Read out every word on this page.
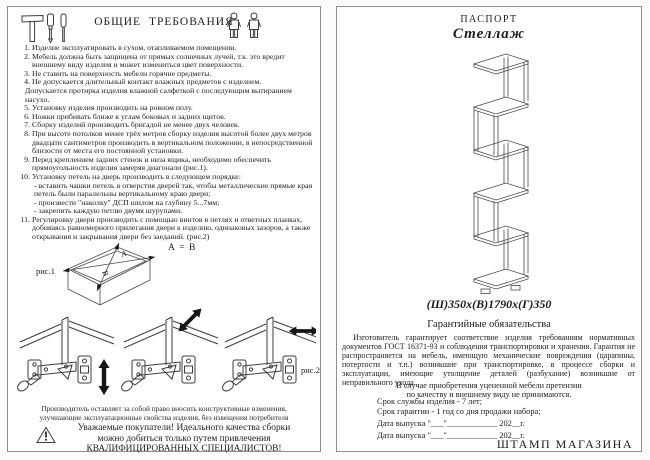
ОБЩИЕ ТРЕБОВАНИЯ
1. Изделие эксплуатировать в сухом, отапливаемом помещении.
2. Мебель должна быть защищена от прямых солнечных лучей, т.к. это вредит внешнему виду изделия и может измениться цвет поверхности.
3. Не ставить на поверхность мебели горячие предметы.
4. Не допускается длительный контакт влажных предметов с изделием.
Допускается протирка изделия влажной салфеткой с последующим вытиранием насухо.
5. Установку изделия производить на ровном полу.
6. Ножки прибивать ближе к углам боковых и задних щитов.
7. Сборку изделий производить бригадой не менее двух человек.
8. При высоте потолков менее трёх метров сборку изделия высотой более двух метров двадцати сантиметров производить в вертикальном положении, в непосредственной близости от места его постоянной установки.
9. Перед креплением задних стенок и низа ящика, необходимо обеспечить прямоугольность изделия замеряя диагонали (рис.1).
10. Установку петель на дверь производить в следующем порядке:
- вставить чашки петель в отверстия дверей так, чтобы металлические прямые края петель были паралельны вертикальному краю двери;
- произвести "наколку" ДСП шилом на глубину 5...7мм;
- закрепить каждую петлю двумя шурупами.
11. Регулировку двери производить с помощью винтов в петлях и ответных планках, добиваясь равномерного прилегания двери к изделию, одинаковых зазоров, а также открывания и закрывания двери без заеданий. (рис.2)
рис.1
А
В
А = В
рис.2
Производитель оставляет за собой право вносить конструктивные изменения,
улучшающие эксплуатационные свойства изделия, без извещения потребителя
Уважаемые покупатели! Идеального качества сборки
можно добиться только путем привлечения
КВАЛИФИЦИРОВАННЫХ СПЕЦИАЛИСТОВ!
ПАСПОРТ
Стеллаж
(Ш)350х(В)1790х(Г)350
Гарантийные обязательства
Изготовитель гарантирует соответствие изделия требованиям нормативных документов ГОСТ 16371-93 и соблюдения транспортировки и хранения. Гарантия не распространяется на мебель, имеющую механические повреждения (царапины, потертости и т.п.) возникшие при транспортировке, в процессе сборки и эксплуатации, имеющие утолщение деталей (разбухание) возникшие от неправильного ухода.
В случае приобретения уцененной мебели претензии
по качеству и внешнему виду не принимаются.
Срок службы изделия - 7 лет;
Срок гарантии - 1 год со дня продажи набора;
Дата выпуска "___"____________ 202__г.
Дата выпуска "___"____________ 202__г.
ШТАМП МАГАЗИНА
